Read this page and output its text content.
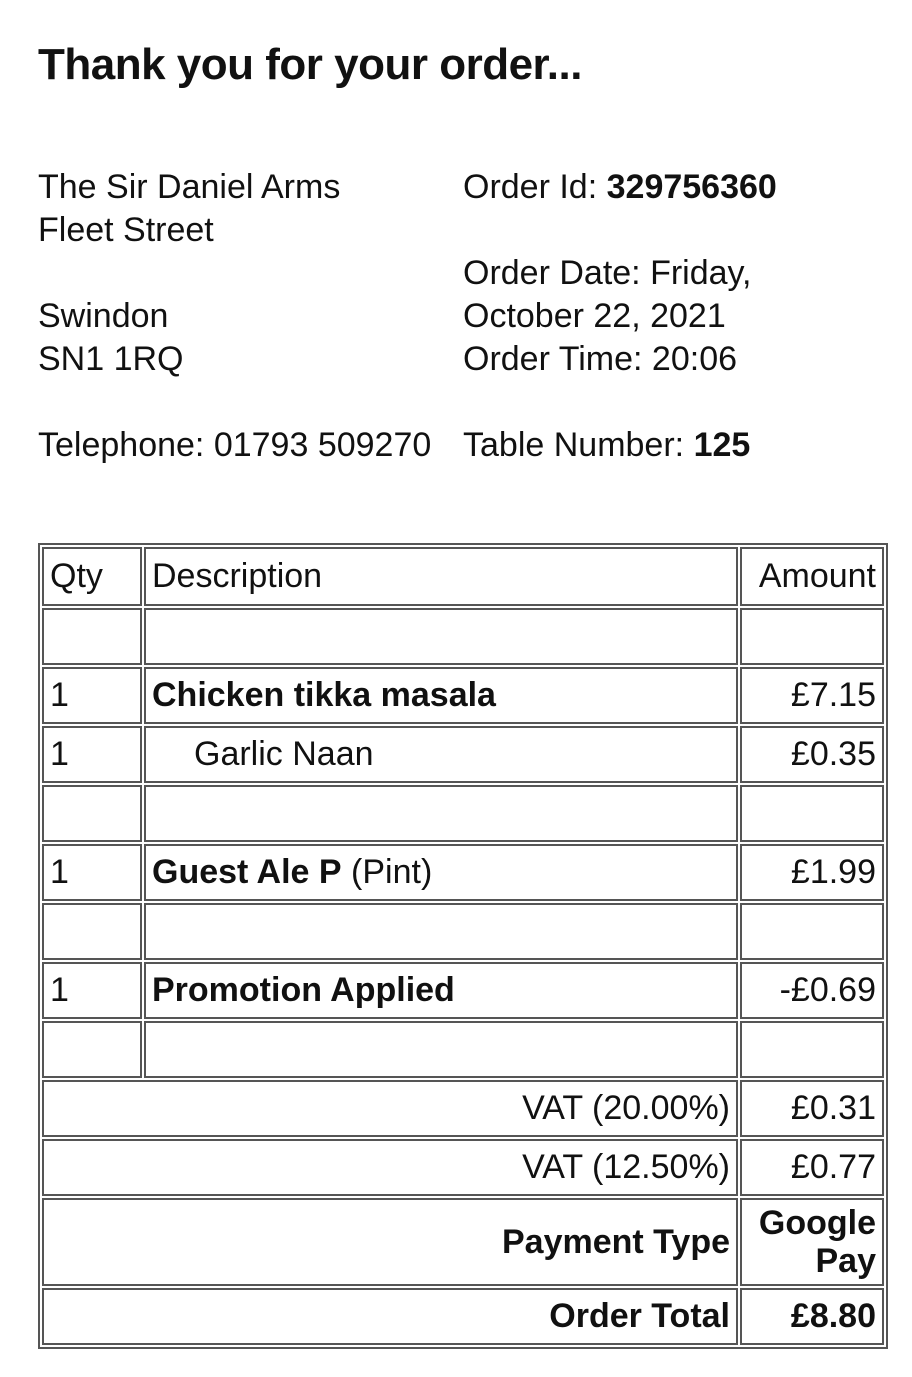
Thank you for your order...
The Sir Daniel Arms
Fleet Street
Swindon
SN1 1RQ
Order Id: 329756360
Order Date: Friday,
October 22, 2021
Order Time: 20:06
Telephone: 01793 509270 Table Number: 125
Qty	Description	Amount

1	Chicken tikka masala	£7.15
1	Garlic Naan	£0.35

1	Guest Ale P (Pint)	£1.99

1	Promotion Applied	-£0.69

VAT (20.00%)		£0.31
VAT (12.50%)		£0.77
Payment Type		Google
Pay

Order Total		£8.80
